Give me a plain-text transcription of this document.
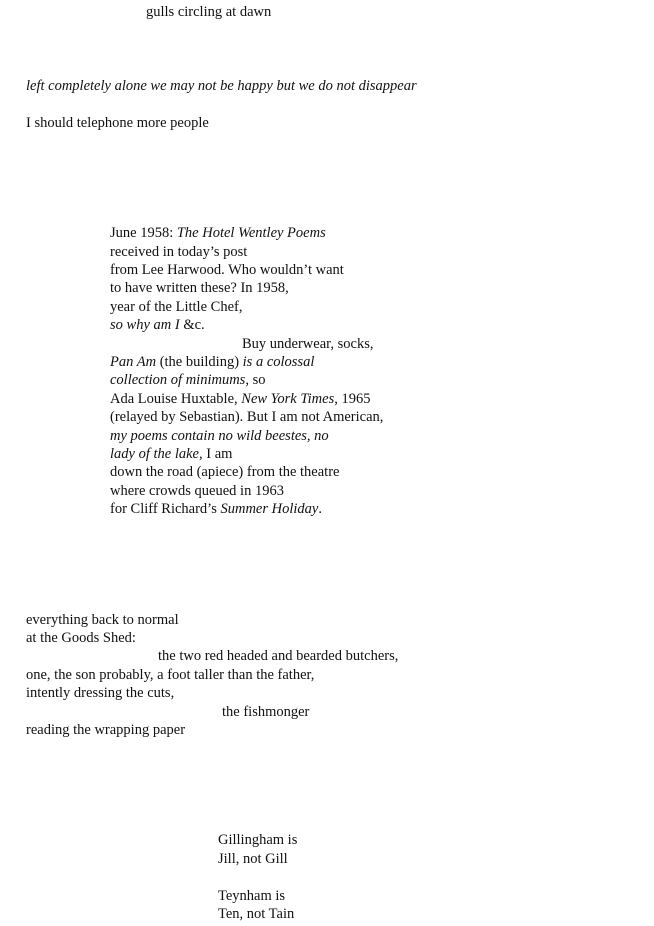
gulls circling at dawn
left completely alone we may not be happy but we do not disappear
I should telephone more people
June 1958: The Hotel Wentley Poems
received in today’s post
from Lee Harwood. Who wouldn’t want
to have written these? In 1958,
year of the Little Chef,
so why am I &c.
Buy underwear, socks,
Pan Am (the building) is a colossal
collection of minimums, so
Ada Louise Huxtable, New York Times, 1965
(relayed by Sebastian). But I am not American,
my poems contain no wild beestes, no
lady of the lake, I am
down the road (apiece) from the theatre
where crowds queued in 1963
for Cliff Richard’s Summer Holiday.
everything back to normal
at the Goods Shed:
the two red headed and bearded butchers,
one, the son probably, a foot taller than the father,
intently dressing the cuts,
the fishmonger
reading the wrapping paper
Gillingham is
Jill, not Gill
Teynham is
Ten, not Tain
